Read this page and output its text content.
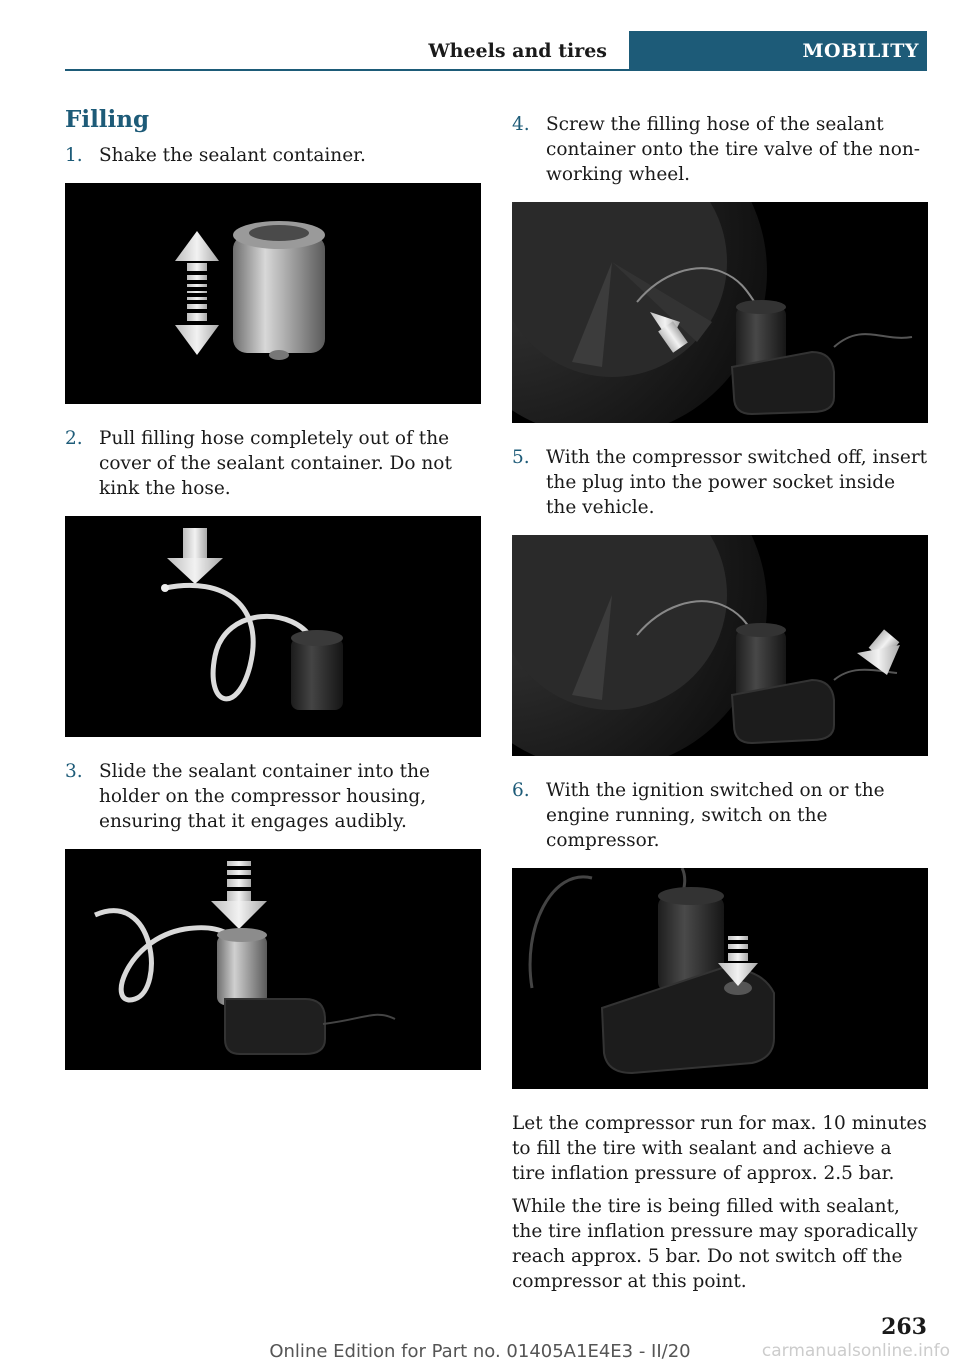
Wheels and tires	MOBILITY
Filling
1. Shake the sealant container.
2. Pull filling hose completely out of the cover of the sealant container. Do not kink the hose.
3. Slide the sealant container into the holder on the compressor housing, ensuring that it engages audibly.
4. Screw the filling hose of the sealant container onto the tire valve of the non-working wheel.
5. With the compressor switched off, insert the plug into the power socket inside the vehicle.
6. With the ignition switched on or the engine running, switch on the compressor.
Let the compressor run for max. 10 minutes to fill the tire with sealant and achieve a tire inflation pressure of approx. 2.5 bar.
While the tire is being filled with sealant, the tire inflation pressure may sporadically reach approx. 5 bar. Do not switch off the compressor at this point.
263
Online Edition for Part no. 01405A1E4E3 - II/20	carmanualsonline.info
